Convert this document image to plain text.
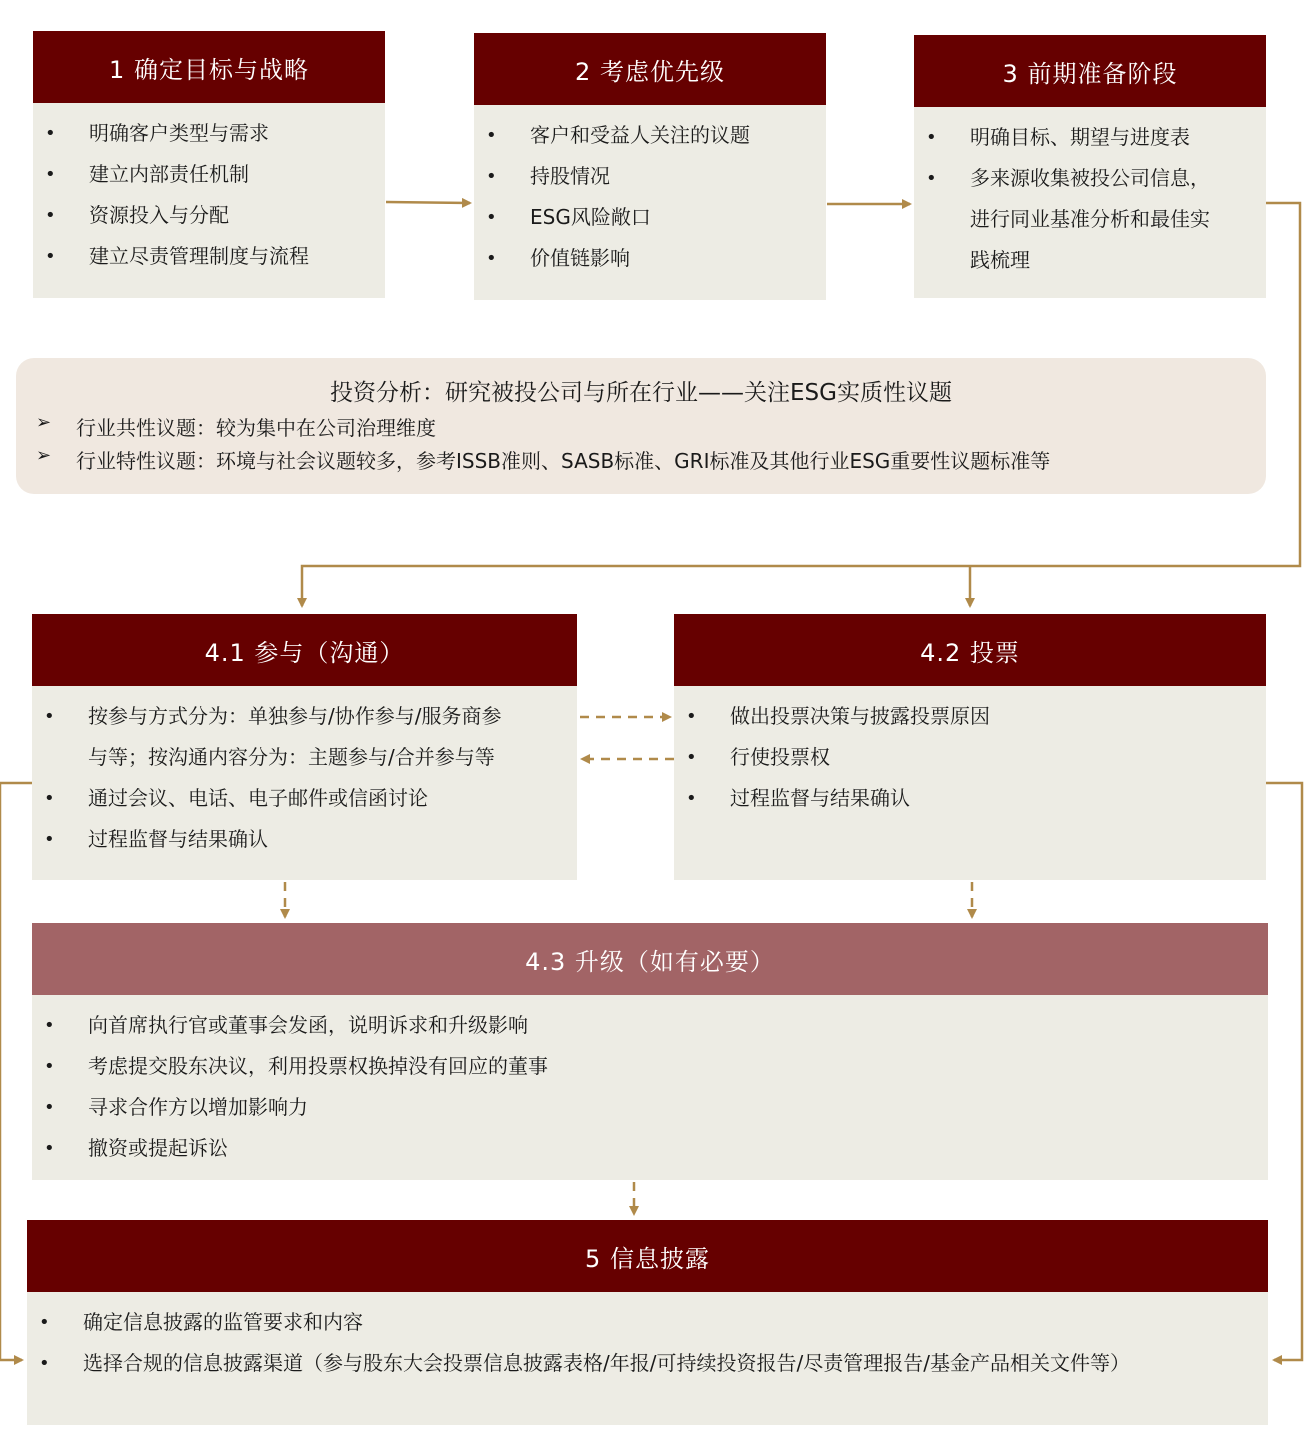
1 确定目标与战略
• 明确客户类型与需求
• 建立内部责任机制
• 资源投入与分配
• 建立尽责管理制度与流程
2 考虑优先级
• 客户和受益人关注的议题
• 持股情况
• ESG风险敞口
• 价值链影响
3 前期准备阶段
• 明确目标、期望与进度表
• 多来源收集被投公司信息，
进行同业基准分析和最佳实
践梳理
投资分析：研究被投公司与所在行业——关注ESG实质性议题
➢	行业共性议题：较为集中在公司治理维度
➢	行业特性议题：环境与社会议题较多，参考ISSB准则、SASB标准、GRI标准及其他行业ESG重要性议题标准等
4.1 参与（沟通）
• 按参与方式分为：单独参与/协作参与/服务商参
与等；按沟通内容分为：主题参与/合并参与等
• 通过会议、电话、电子邮件或信函讨论
• 过程监督与结果确认
4.2 投票
• 做出投票决策与披露投票原因
• 行使投票权
• 过程监督与结果确认
4.3 升级（如有必要）
• 向首席执行官或董事会发函，说明诉求和升级影响
• 考虑提交股东决议，利用投票权换掉没有回应的董事
• 寻求合作方以增加影响力
• 撤资或提起诉讼
5 信息披露
• 确定信息披露的监管要求和内容
• 选择合规的信息披露渠道（参与股东大会投票信息披露表格/年报/可持续投资报告/尽责管理报告/基金产品相关文件等）
